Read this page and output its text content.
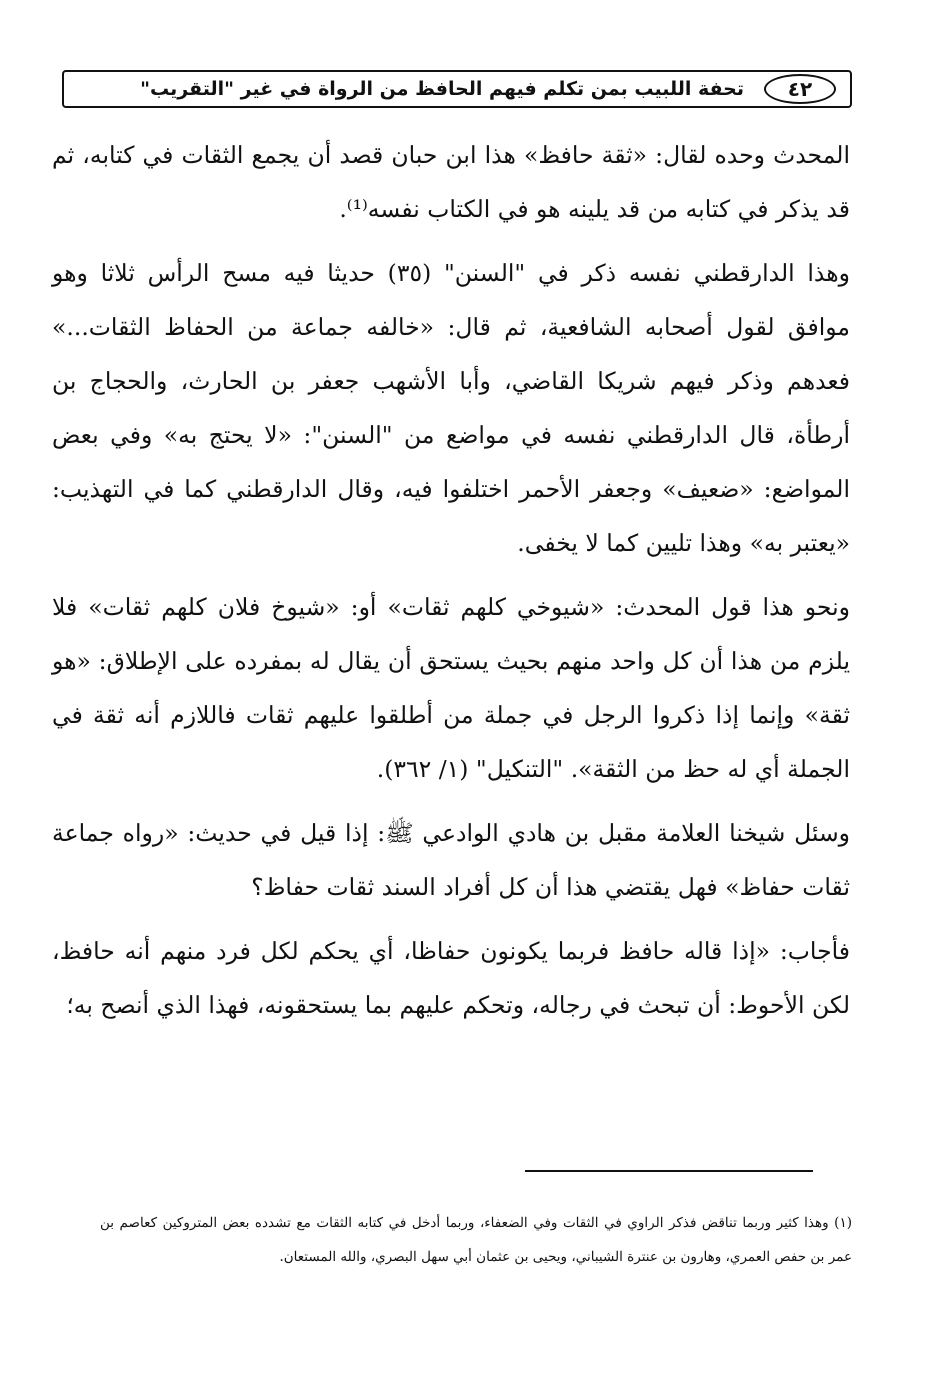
٤٢
تحفة اللبيب بمن تكلم فيهم الحافظ من الرواة في غير "التقريب"

المحدث وحده لقال: «ثقة حافظ» هذا ابن حبان قصد أن يجمع الثقات في كتابه، ثم قد يذكر في كتابه من قد يلينه هو في الكتاب نفسه⁽¹⁾.

وهذا الدارقطني نفسه ذكر في "السنن" (٣٥) حديثا فيه مسح الرأس ثلاثا وهو موافق لقول أصحابه الشافعية، ثم قال: «خالفه جماعة من الحفاظ الثقات...» فعدهم وذكر فيهم شريكا القاضي، وأبا الأشهب جعفر بن الحارث، والحجاج بن أرطأة، قال الدارقطني نفسه في مواضع من "السنن": «لا يحتج به» وفي بعض المواضع: «ضعيف» وجعفر الأحمر اختلفوا فيه، وقال الدارقطني كما في التهذيب: «يعتبر به» وهذا تليين كما لا يخفى.

ونحو هذا قول المحدث: «شيوخي كلهم ثقات» أو: «شيوخ فلان كلهم ثقات» فلا يلزم من هذا أن كل واحد منهم بحيث يستحق أن يقال له بمفرده على الإطلاق: «هو ثقة» وإنما إذا ذكروا الرجل في جملة من أطلقوا عليهم ثقات فاللازم أنه ثقة في الجملة أي له حظ من الثقة». "التنكيل" (١/ ٣٦٢).

وسئل شيخنا العلامة مقبل بن هادي الوادعي ﷺ: إذا قيل في حديث: «رواه جماعة ثقات حفاظ» فهل يقتضي هذا أن كل أفراد السند ثقات حفاظ؟

فأجاب: «إذا قاله حافظ فربما يكونون حفاظا، أي يحكم لكل فرد منهم أنه حافظ، لكن الأحوط: أن تبحث في رجاله، وتحكم عليهم بما يستحقونه، فهذا الذي أنصح به؛

(١) وهذا كثير وربما تناقض فذكر الراوي في الثقات وفي الضعفاء، وربما أدخل في كتابه الثقات مع تشدده بعض المتروكين كعاصم بن عمر بن حفص العمري، وهارون بن عنترة الشيباني، ويحيى بن عثمان أبي سهل البصري، والله المستعان.
